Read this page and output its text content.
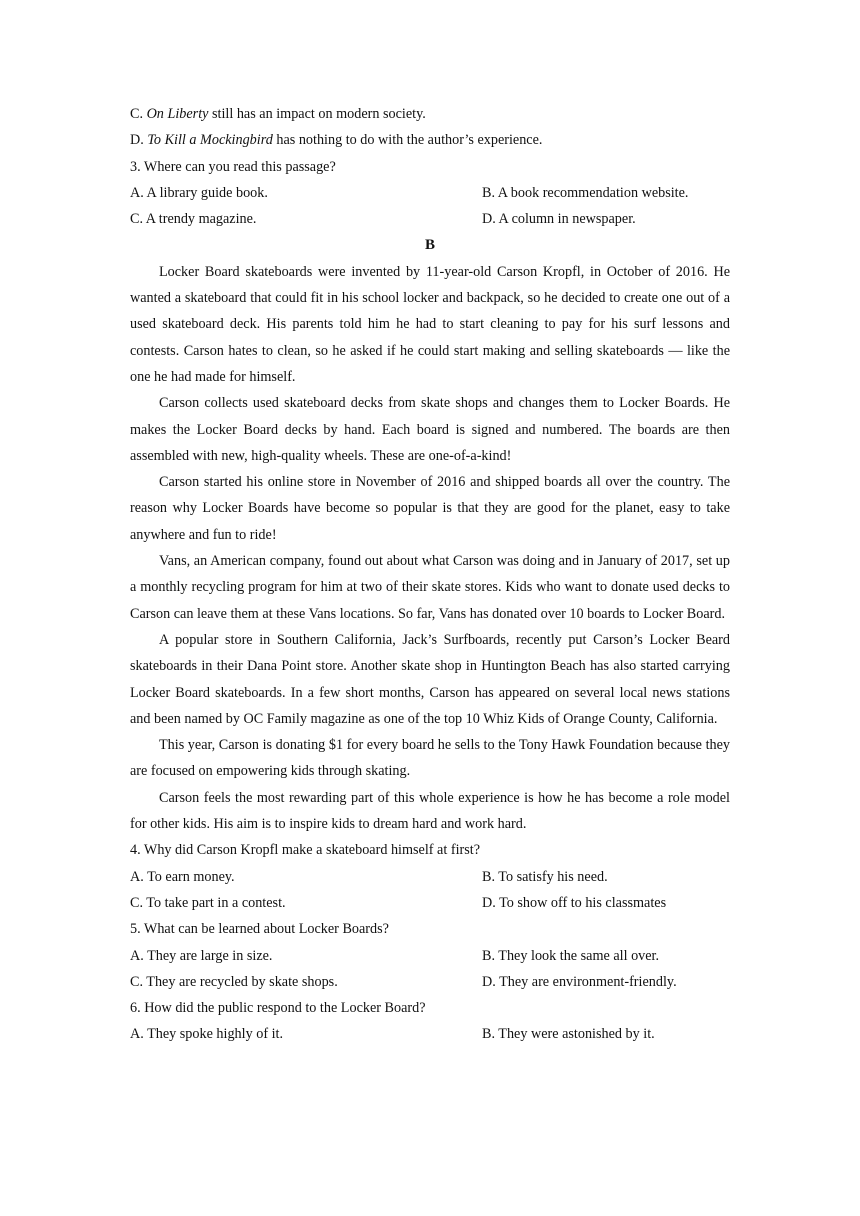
C. On Liberty still has an impact on modern society.
D. To Kill a Mockingbird has nothing to do with the author’s experience.
3. Where can you read this passage?
A. A library guide book.	B. A book recommendation website.
C. A trendy magazine.	D. A column in newspaper.
B
Locker Board skateboards were invented by 11-year-old Carson Kropfl, in October of 2016. He wanted a skateboard that could fit in his school locker and backpack, so he decided to create one out of a used skateboard deck. His parents told him he had to start cleaning to pay for his surf lessons and contests. Carson hates to clean, so he asked if he could start making and selling skateboards — like the one he had made for himself.
Carson collects used skateboard decks from skate shops and changes them to Locker Boards. He makes the Locker Board decks by hand. Each board is signed and numbered. The boards are then assembled with new, high-quality wheels. These are one-of-a-kind!
Carson started his online store in November of 2016 and shipped boards all over the country. The reason why Locker Boards have become so popular is that they are good for the planet, easy to take anywhere and fun to ride!
Vans, an American company, found out about what Carson was doing and in January of 2017, set up a monthly recycling program for him at two of their skate stores. Kids who want to donate used decks to Carson can leave them at these Vans locations. So far, Vans has donated over 10 boards to Locker Board.
A popular store in Southern California, Jack’s Surfboards, recently put Carson’s Locker Beard skateboards in their Dana Point store. Another skate shop in Huntington Beach has also started carrying Locker Board skateboards. In a few short months, Carson has appeared on several local news stations and been named by OC Family magazine as one of the top 10 Whiz Kids of Orange County, California.
This year, Carson is donating $1 for every board he sells to the Tony Hawk Foundation because they are focused on empowering kids through skating.
Carson feels the most rewarding part of this whole experience is how he has become a role model for other kids. His aim is to inspire kids to dream hard and work hard.
4. Why did Carson Kropfl make a skateboard himself at first?
A. To earn money.	B. To satisfy his need.
C. To take part in a contest.	D. To show off to his classmates
5. What can be learned about Locker Boards?
A. They are large in size.	B. They look the same all over.
C. They are recycled by skate shops.	D. They are environment-friendly.
6. How did the public respond to the Locker Board?
A. They spoke highly of it.	B. They were astonished by it.
